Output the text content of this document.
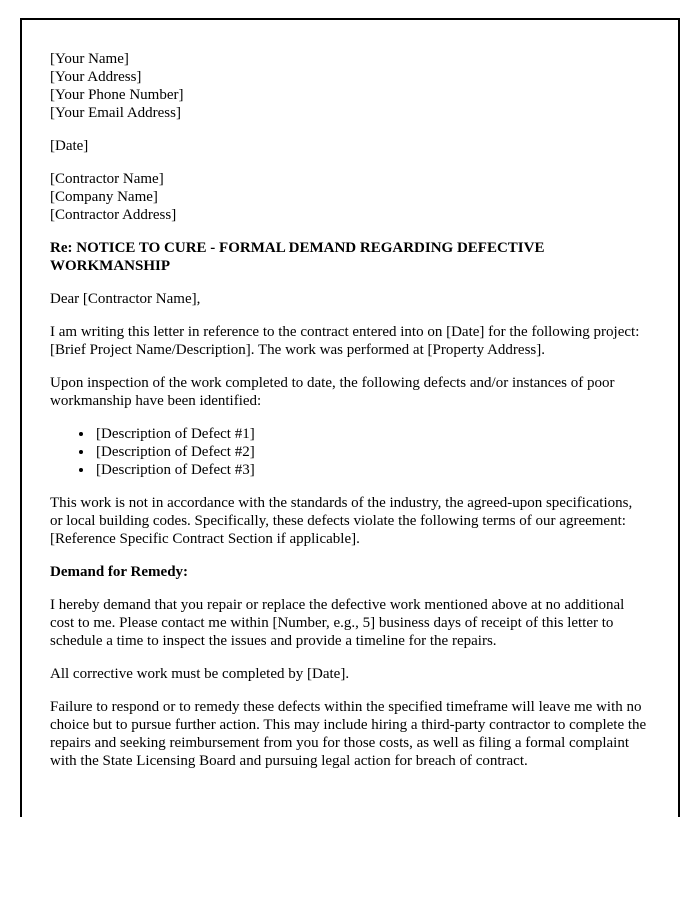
[Your Name]
[Your Address]
[Your Phone Number]
[Your Email Address]

[Date]

[Contractor Name]
[Company Name]
[Contractor Address]

Re: NOTICE TO CURE - FORMAL DEMAND REGARDING DEFECTIVE WORKMANSHIP

Dear [Contractor Name],

I am writing this letter in reference to the contract entered into on [Date] for the following project: [Brief Project Name/Description]. The work was performed at [Property Address].

Upon inspection of the work completed to date, the following defects and/or instances of poor workmanship have been identified:

• [Description of Defect #1]
• [Description of Defect #2]
• [Description of Defect #3]

This work is not in accordance with the standards of the industry, the agreed-upon specifications, or local building codes. Specifically, these defects violate the following terms of our agreement: [Reference Specific Contract Section if applicable].

Demand for Remedy:

I hereby demand that you repair or replace the defective work mentioned above at no additional cost to me. Please contact me within [Number, e.g., 5] business days of receipt of this letter to schedule a time to inspect the issues and provide a timeline for the repairs.

All corrective work must be completed by [Date].

Failure to respond or to remedy these defects within the specified timeframe will leave me with no choice but to pursue further action. This may include hiring a third-party contractor to complete the repairs and seeking reimbursement from you for those costs, as well as filing a formal complaint with the State Licensing Board and pursuing legal action for breach of contract.
